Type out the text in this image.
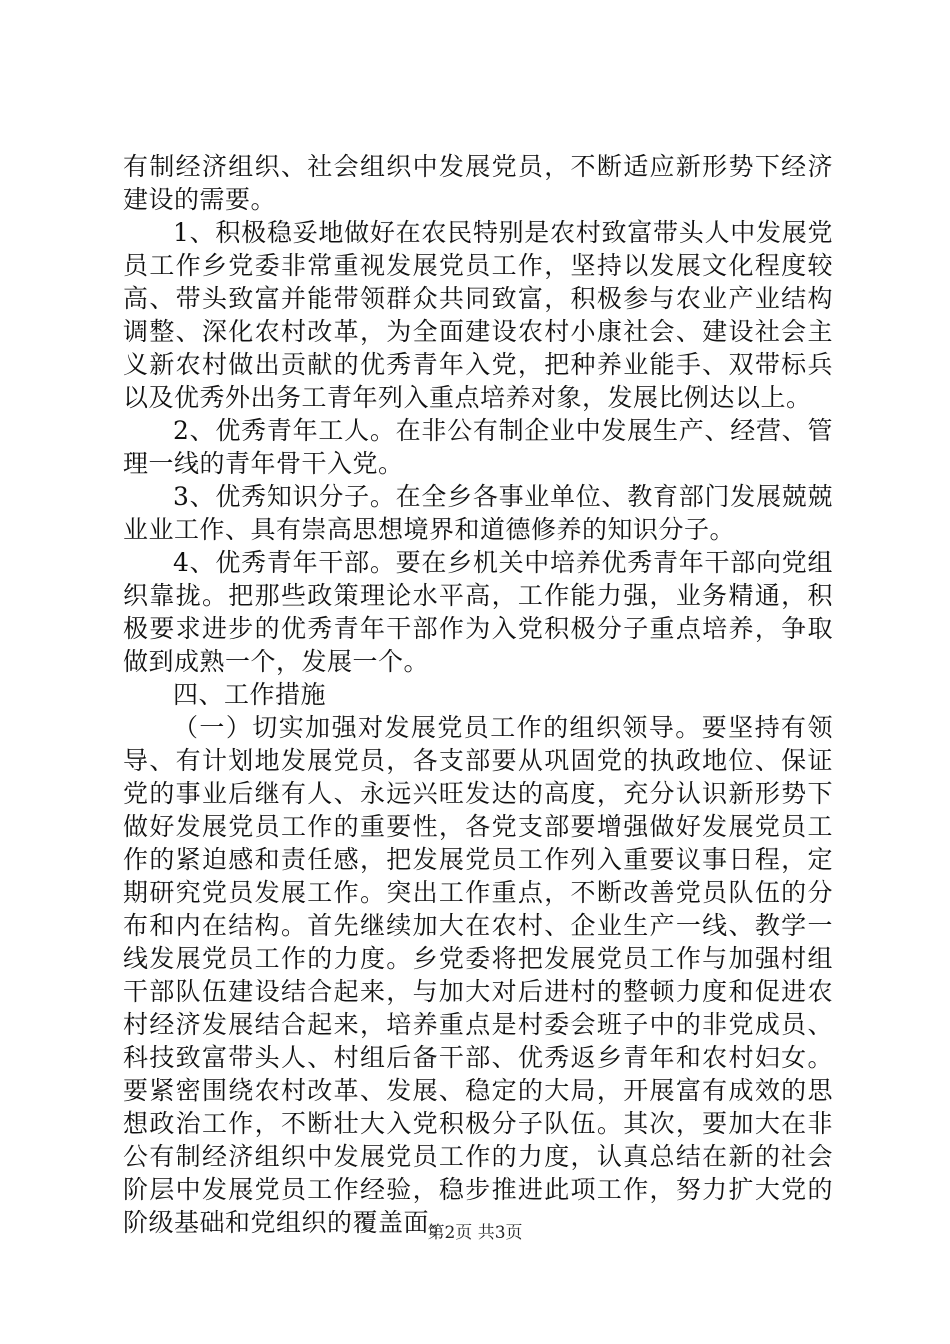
有制经济组织、社会组织中发展党员，不断适应新形势下经济建设的需要。

1、积极稳妥地做好在农民特别是农村致富带头人中发展党员工作乡党委非常重视发展党员工作，坚持以发展文化程度较高、带头致富并能带领群众共同致富，积极参与农业产业结构调整、深化农村改革，为全面建设农村小康社会、建设社会主义新农村做出贡献的优秀青年入党，把种养业能手、双带标兵以及优秀外出务工青年列入重点培养对象，发展比例达以上。

2、优秀青年工人。在非公有制企业中发展生产、经营、管理一线的青年骨干入党。

3、优秀知识分子。在全乡各事业单位、教育部门发展兢兢业业工作、具有崇高思想境界和道德修养的知识分子。

4、优秀青年干部。要在乡机关中培养优秀青年干部向党组织靠拢。把那些政策理论水平高，工作能力强，业务精通，积极要求进步的优秀青年干部作为入党积极分子重点培养，争取做到成熟一个，发展一个。

四、工作措施

（一）切实加强对发展党员工作的组织领导。要坚持有领导、有计划地发展党员，各支部要从巩固党的执政地位、保证党的事业后继有人、永远兴旺发达的高度，充分认识新形势下做好发展党员工作的重要性，各党支部要增强做好发展党员工作的紧迫感和责任感，把发展党员工作列入重要议事日程，定期研究党员发展工作。突出工作重点，不断改善党员队伍的分布和内在结构。首先继续加大在农村、企业生产一线、教学一线发展党员工作的力度。乡党委将把发展党员工作与加强村组干部队伍建设结合起来，与加大对后进村的整顿力度和促进农村经济发展结合起来，培养重点是村委会班子中的非党成员、科技致富带头人、村组后备干部、优秀返乡青年和农村妇女。要紧密围绕农村改革、发展、稳定的大局，开展富有成效的思想政治工作，不断壮大入党积极分子队伍。其次，要加大在非公有制经济组织中发展党员工作的力度，认真总结在新的社会阶层中发展党员工作经验，稳步推进此项工作，努力扩大党的阶级基础和党组织的覆盖面。

第2页 共3页
